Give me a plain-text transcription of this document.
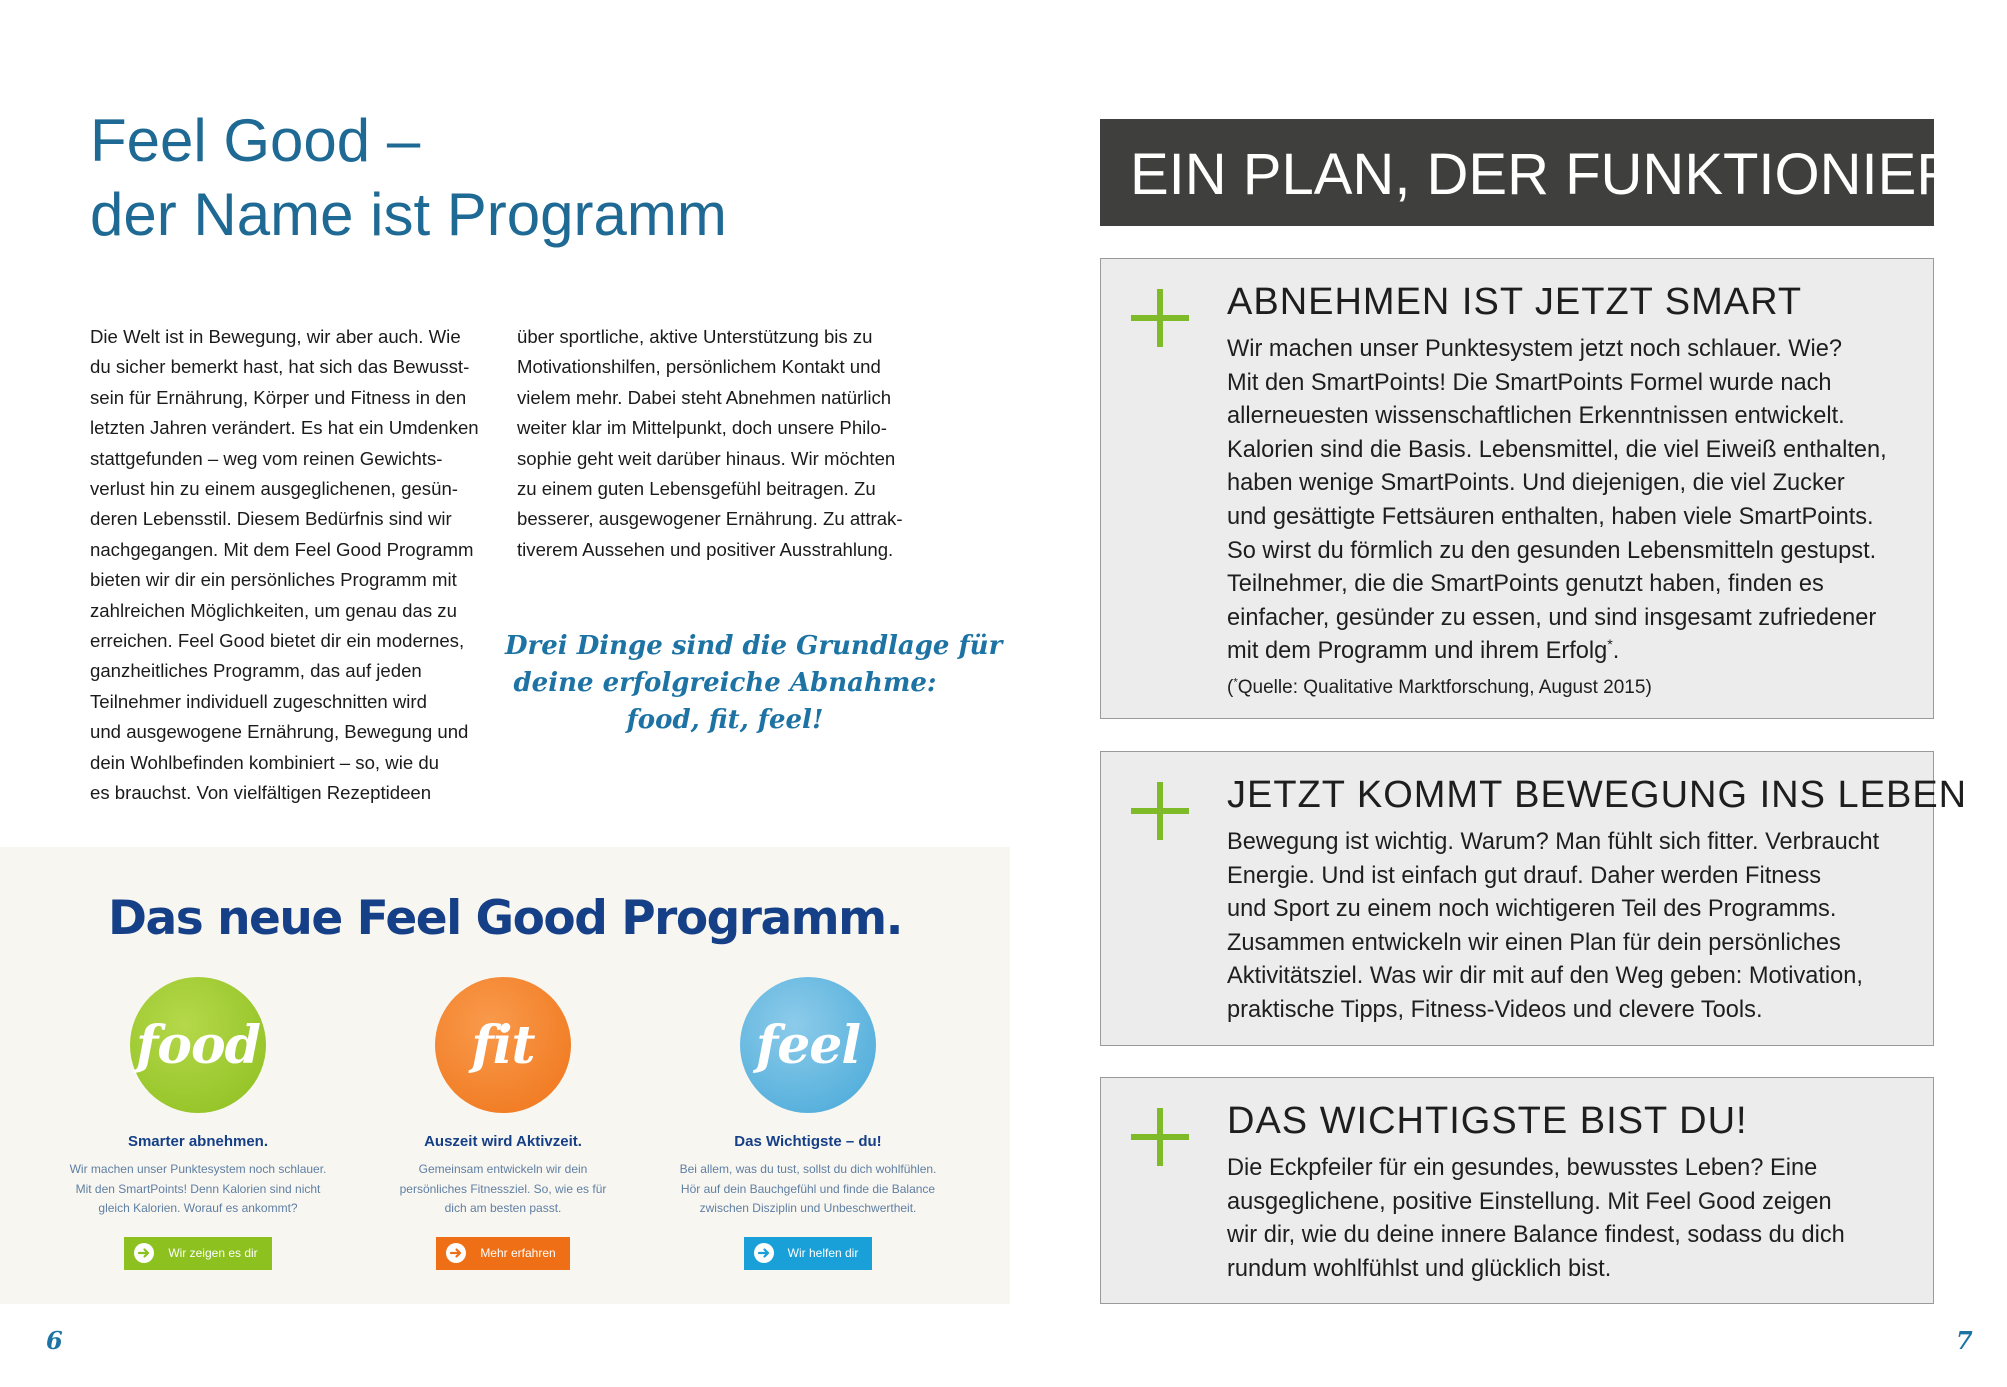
Feel Good –
der Name ist Programm

Die Welt ist in Bewegung, wir aber auch. Wie
du sicher bemerkt hast, hat sich das Bewusst-
sein für Ernährung, Körper und Fitness in den
letzten Jahren verändert. Es hat ein Umdenken
stattgefunden – weg vom reinen Gewichts-
verlust hin zu einem ausgeglichenen, gesün-
deren Lebensstil. Diesem Bedürfnis sind wir
nachgegangen. Mit dem Feel Good Programm
bieten wir dir ein persönliches Programm mit
zahlreichen Möglichkeiten, um genau das zu
erreichen. Feel Good bietet dir ein modernes,
ganzheitliches Programm, das auf jeden
Teilnehmer individuell zugeschnitten wird
und ausgewogene Ernährung, Bewegung und
dein Wohlbefinden kombiniert – so, wie du
es brauchst. Von vielfältigen Rezeptideen

über sportliche, aktive Unterstützung bis zu
Motivationshilfen, persönlichem Kontakt und
vielem mehr. Dabei steht Abnehmen natürlich
weiter klar im Mittelpunkt, doch unsere Philo-
sophie geht weit darüber hinaus. Wir möchten
zu einem guten Lebensgefühl beitragen. Zu
besserer, ausgewogener Ernährung. Zu attrak-
tiverem Aussehen und positiver Ausstrahlung.

Drei Dinge sind die Grundlage für
deine erfolgreiche Abnahme:
food, fit, feel!

Das neue Feel Good Programm.
food
Smarter abnehmen.
Wir machen unser Punktesystem noch schlauer.
Mit den SmartPoints! Denn Kalorien sind nicht
gleich Kalorien. Worauf es ankommt?
Wir zeigen es dir
fit
Auszeit wird Aktivzeit.
Gemeinsam entwickeln wir dein
persönliches Fitnessziel. So, wie es für
dich am besten passt.
Mehr erfahren
feel
Das Wichtigste – du!
Bei allem, was du tust, sollst du dich wohlfühlen.
Hör auf dein Bauchgefühl und finde die Balance
zwischen Disziplin und Unbeschwertheit.
Wir helfen dir
6
EIN PLAN, DER FUNKTIONIERT
ABNEHMEN IST JETZT SMART

Wir machen unser Punktesystem jetzt noch schlauer. Wie?
Mit den SmartPoints! Die SmartPoints Formel wurde nach
allerneuesten wissenschaftlichen Erkenntnissen entwickelt.
Kalorien sind die Basis. Lebensmittel, die viel Eiweiß enthalten,
haben wenige SmartPoints. Und diejenigen, die viel Zucker
und gesättigte Fettsäuren enthalten, haben viele SmartPoints.
So wirst du förmlich zu den gesunden Lebensmitteln gestupst.
Teilnehmer, die die SmartPoints genutzt haben, finden es
einfacher, gesünder zu essen, und sind insgesamt zufriedener
mit dem Programm und ihrem Erfolg*.

(*Quelle: Qualitative Marktforschung, August 2015)
JETZT KOMMT BEWEGUNG INS LEBEN

Bewegung ist wichtig. Warum? Man fühlt sich fitter. Verbraucht
Energie. Und ist einfach gut drauf. Daher werden Fitness
und Sport zu einem noch wichtigeren Teil des Programms.
Zusammen entwickeln wir einen Plan für dein persönliches
Aktivitätsziel. Was wir dir mit auf den Weg geben: Motivation,
praktische Tipps, Fitness-Videos und clevere Tools.

DAS WICHTIGSTE BIST DU!

Die Eckpfeiler für ein gesundes, bewusstes Leben? Eine
ausgeglichene, positive Einstellung. Mit Feel Good zeigen
wir dir, wie du deine innere Balance findest, sodass du dich
rundum wohlfühlst und glücklich bist.

7
